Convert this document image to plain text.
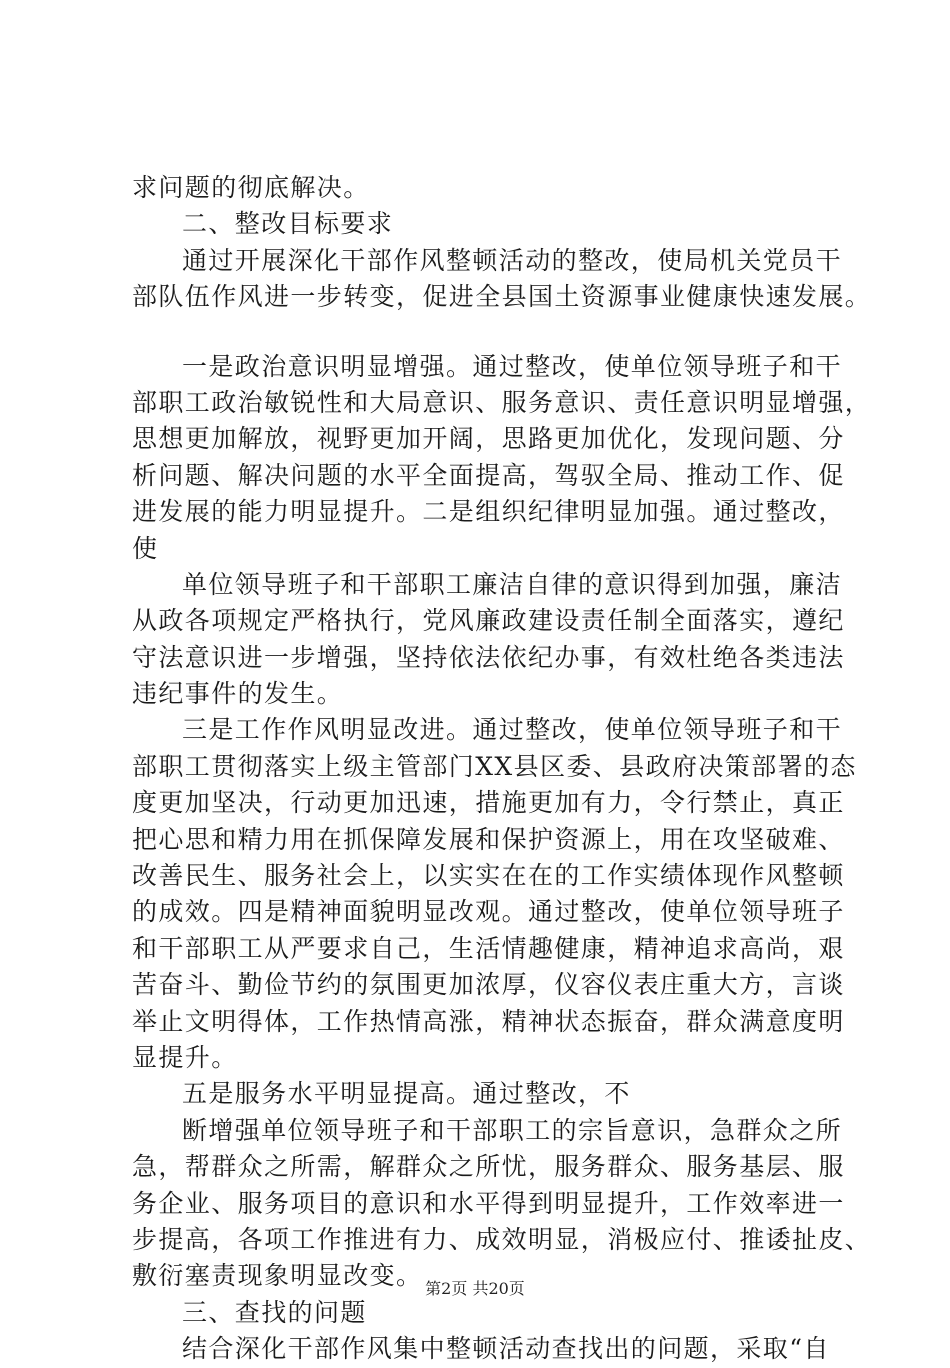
求问题的彻底解决。
二、整改目标要求
通过开展深化干部作风整顿活动的整改，使局机关党员干
部队伍作风进一步转变，促进全县国土资源事业健康快速发展。
一是政治意识明显增强。通过整改，使单位领导班子和干
部职工政治敏锐性和大局意识、服务意识、责任意识明显增强，
思想更加解放，视野更加开阔，思路更加优化，发现问题、分
析问题、解决问题的水平全面提高，驾驭全局、推动工作、促
进发展的能力明显提升。二是组织纪律明显加强。通过整改，
使
单位领导班子和干部职工廉洁自律的意识得到加强，廉洁
从政各项规定严格执行，党风廉政建设责任制全面落实，遵纪
守法意识进一步增强，坚持依法依纪办事，有效杜绝各类违法
违纪事件的发生。
三是工作作风明显改进。通过整改，使单位领导班子和干
部职工贯彻落实上级主管部门XX县区委、县政府决策部署的态
度更加坚决，行动更加迅速，措施更加有力，令行禁止，真正
把心思和精力用在抓保障发展和保护资源上，用在攻坚破难、
改善民生、服务社会上，以实实在在的工作实绩体现作风整顿
的成效。四是精神面貌明显改观。通过整改，使单位领导班子
和干部职工从严要求自己，生活情趣健康，精神追求高尚，艰
苦奋斗、勤俭节约的氛围更加浓厚，仪容仪表庄重大方，言谈
举止文明得体，工作热情高涨，精神状态振奋，群众满意度明
显提升。
五是服务水平明显提高。通过整改，不
断增强单位领导班子和干部职工的宗旨意识，急群众之所
急，帮群众之所需，解群众之所忧，服务群众、服务基层、服
务企业、服务项目的意识和水平得到明显提升，工作效率进一
步提高，各项工作推进有力、成效明显，消极应付、推诿扯皮、
敷衍塞责现象明显改变。
三、查找的问题
结合深化干部作风集中整顿活动查找出的问题，采取“自
第2页 共20页
